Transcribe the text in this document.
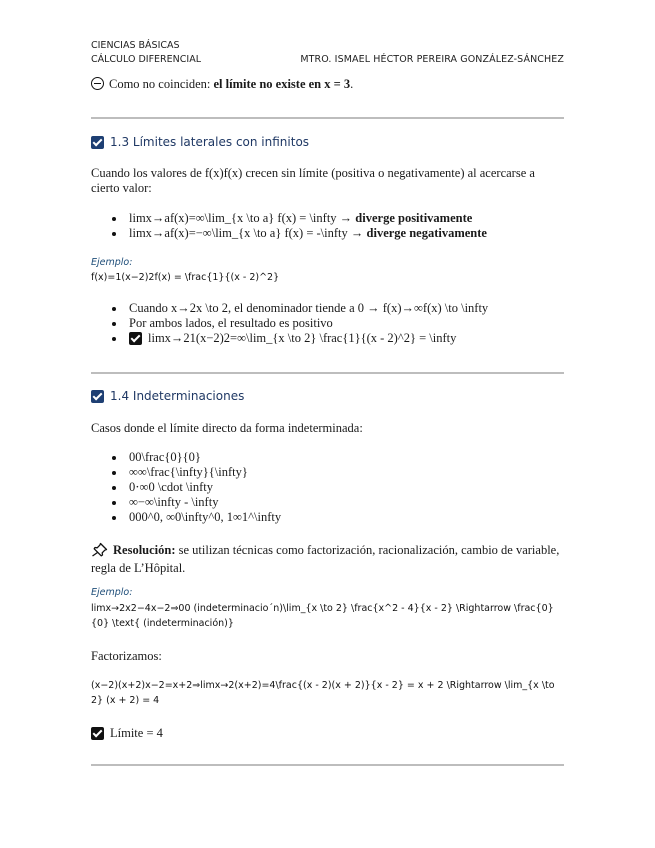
CIENCIAS BÁSICAS
CÁLCULO DIFERENCIAL	MTRO. ISMAEL HÉCTOR PEREIRA GONZÁLEZ-SÁNCHEZ
Como no coinciden: el límite no existe en x = 3.
1.3 Límites laterales con infinitos
Cuando los valores de f(x)f(x) crecen sin límite (positiva o negativamente) al acercarse a cierto valor:
lim⁡x→af(x)=∞\lim_{x \to a} f(x) = \infty → diverge positivamente
lim⁡x→af(x)=−∞\lim_{x \to a} f(x) = -\infty → diverge negativamente
Ejemplo:
f(x)=1(x−2)2f(x) = \frac{1}{(x - 2)^2}
Cuando x→2x \to 2, el denominador tiende a 0 → f(x)→∞f(x) \to \infty
Por ambos lados, el resultado es positivo
lim⁡x→21(x−2)2=∞\lim_{x \to 2} \frac{1}{(x - 2)^2} = \infty
1.4 Indeterminaciones
Casos donde el límite directo da forma indeterminada:
00\frac{0}{0}
∞∞\frac{\infty}{\infty}
0⋅∞0 \cdot \infty
∞−∞\infty - \infty
000^0, ∞0\infty^0, 1∞1^\infty
Resolución: se utilizan técnicas como factorización, racionalización, cambio de variable, regla de L’Hôpital.
Ejemplo:
lim⁡x→2x2−4x−2⇒00 (indeterminacio´n)\lim_{x \to 2} \frac{x^2 - 4}{x - 2} \Rightarrow \frac{0}{0} \text{ (indeterminación)}
Factorizamos:
(x−2)(x+2)x−2=x+2⇒lim⁡x→2(x+2)=4\frac{(x - 2)(x + 2)}{x - 2} = x + 2 \Rightarrow \lim_{x \to 2} (x + 2) = 4
Límite = 4
